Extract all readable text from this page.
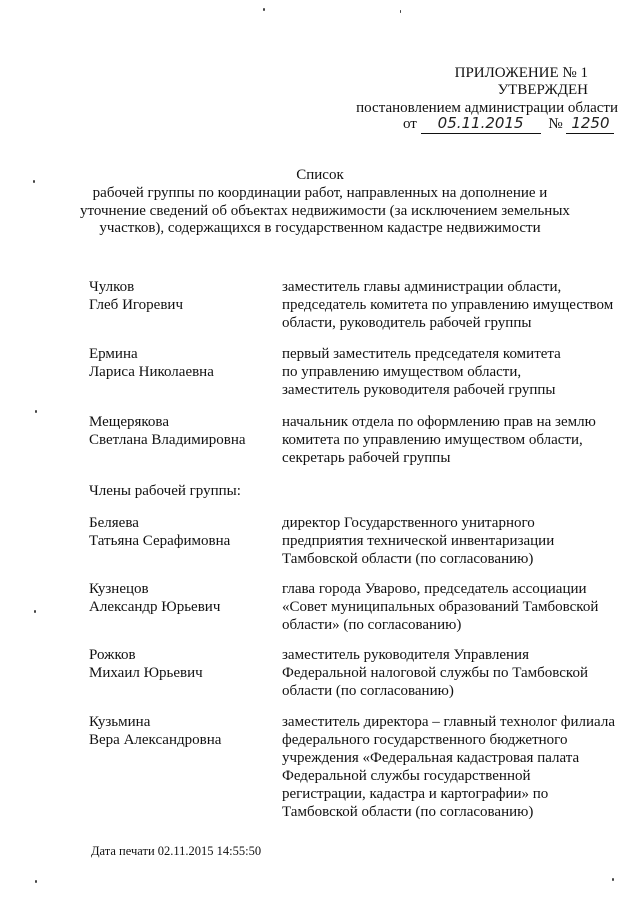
ПРИЛОЖЕНИЕ № 1
УТВЕРЖДЕН
постановлением администрации области
от 05.11.2015 № 1250
Список
рабочей группы по координации работ, направленных на дополнение и
уточнение сведений об объектах недвижимости (за исключением земельных
участков), содержащихся в государственном кадастре недвижимости
Чулков
Глеб Игоревич
заместитель главы администрации области,
председатель комитета по управлению имуществом
области, руководитель рабочей группы
Ермина
Лариса Николаевна
первый заместитель председателя комитета
по управлению имуществом области,
заместитель руководителя рабочей группы
Мещерякова
Светлана Владимировна
начальник отдела по оформлению прав на землю
комитета по управлению имуществом области,
секретарь рабочей группы
Члены рабочей группы:
Беляева
Татьяна Серафимовна
директор Государственного унитарного
предприятия технической инвентаризации
Тамбовской области (по согласованию)
Кузнецов
Александр Юрьевич
глава города Уварово, председатель ассоциации
«Совет муниципальных образований Тамбовской
области» (по согласованию)
Рожков
Михаил Юрьевич
заместитель руководителя Управления
Федеральной налоговой службы по Тамбовской
области (по согласованию)
Кузьмина
Вера Александровна
заместитель директора – главный технолог филиала
федерального государственного бюджетного
учреждения «Федеральная кадастровая палата
Федеральной службы государственной
регистрации, кадастра и картографии» по
Тамбовской области (по согласованию)
Дата печати 02.11.2015 14:55:50
